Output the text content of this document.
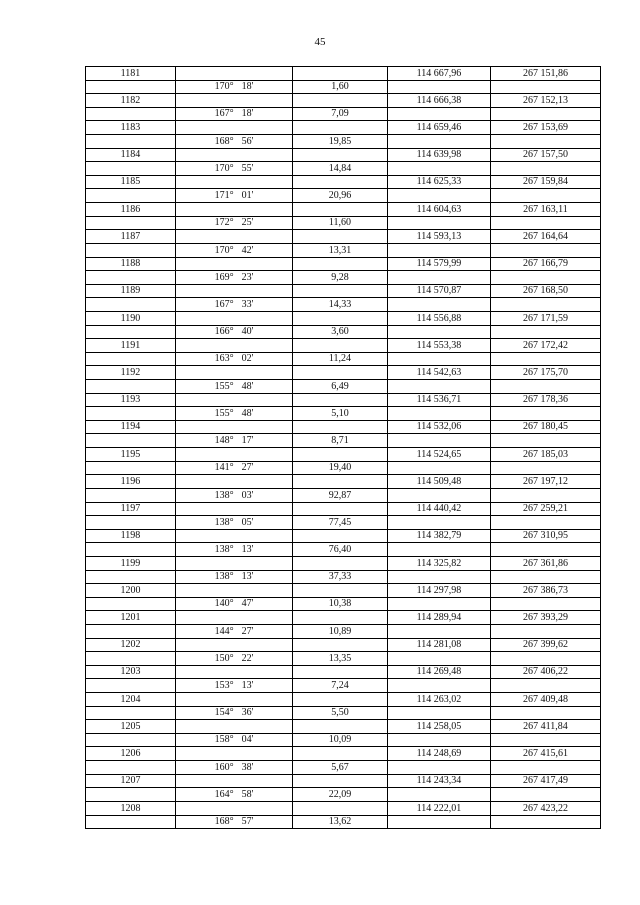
45
1181			114 667,96	267 151,86
	170° 18'	1,60		
1182			114 666,38	267 152,13
	167° 18'	7,09		
1183			114 659,46	267 153,69
	168° 56'	19,85		
1184			114 639,98	267 157,50
	170° 55'	14,84		
1185			114 625,33	267 159,84
	171° 01'	20,96		
1186			114 604,63	267 163,11
	172° 25'	11,60		
1187			114 593,13	267 164,64
	170° 42'	13,31		
1188			114 579,99	267 166,79
	169° 23'	9,28		
1189			114 570,87	267 168,50
	167° 33'	14,33		
1190			114 556,88	267 171,59
	166° 40'	3,60		
1191			114 553,38	267 172,42
	163° 02'	11,24		
1192			114 542,63	267 175,70
	155° 48'	6,49		
1193			114 536,71	267 178,36
	155° 48'	5,10		
1194			114 532,06	267 180,45
	148° 17'	8,71		
1195			114 524,65	267 185,03
	141° 27'	19,40		
1196			114 509,48	267 197,12
	138° 03'	92,87		
1197			114 440,42	267 259,21
	138° 05'	77,45		
1198			114 382,79	267 310,95
	138° 13'	76,40		
1199			114 325,82	267 361,86
	138° 13'	37,33		
1200			114 297,98	267 386,73
	140° 47'	10,38		
1201			114 289,94	267 393,29
	144° 27'	10,89		
1202			114 281,08	267 399,62
	150° 22'	13,35		
1203			114 269,48	267 406,22
	153° 13'	7,24		
1204			114 263,02	267 409,48
	154° 36'	5,50		
1205			114 258,05	267 411,84
	158° 04'	10,09		
1206			114 248,69	267 415,61
	160° 38'	5,67		
1207			114 243,34	267 417,49
	164° 58'	22,09		
1208			114 222,01	267 423,22
	168° 57'	13,62		
